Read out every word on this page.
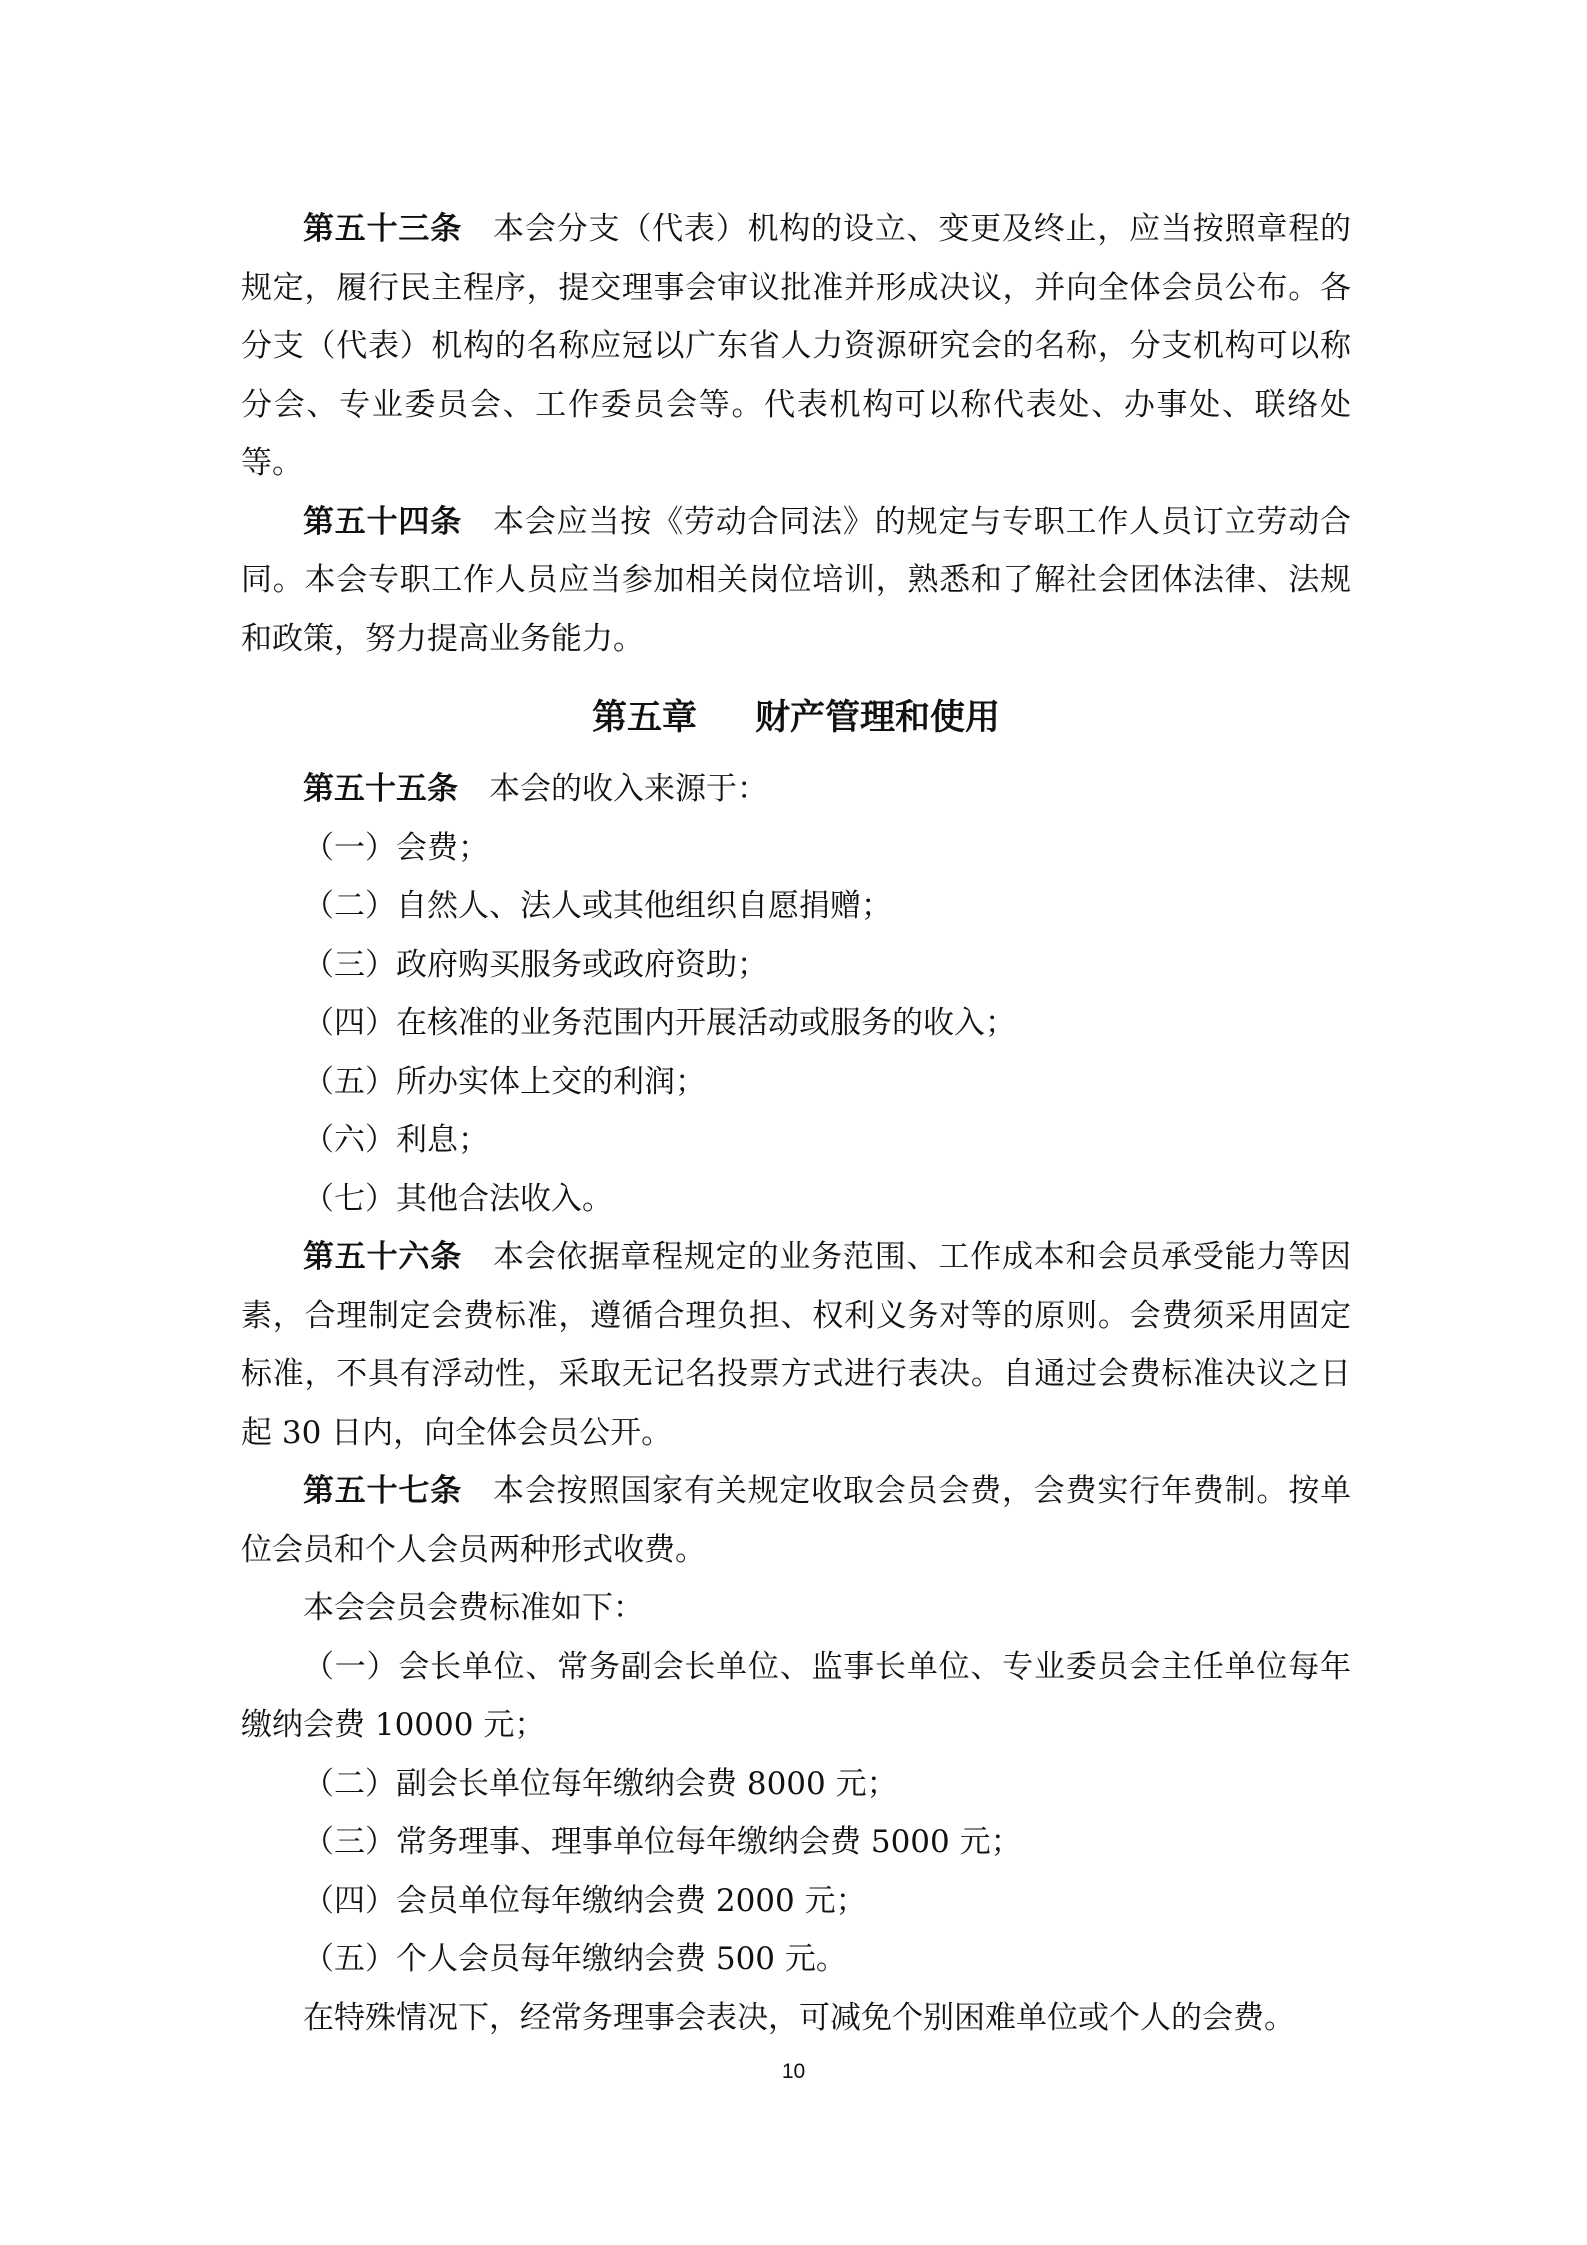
第五十三条 本会分支（代表）机构的设立、变更及终止，应当按照章程的规定，履行民主程序，提交理事会审议批准并形成决议，并向全体会员公布。各分支（代表）机构的名称应冠以广东省人力资源研究会的名称，分支机构可以称分会、专业委员会、工作委员会等。代表机构可以称代表处、办事处、联络处等。

第五十四条 本会应当按《劳动合同法》的规定与专职工作人员订立劳动合同。本会专职工作人员应当参加相关岗位培训，熟悉和了解社会团体法律、法规和政策，努力提高业务能力。

第五章 财产管理和使用

第五十五条 本会的收入来源于：

（一）会费；

（二）自然人、法人或其他组织自愿捐赠；

（三）政府购买服务或政府资助；

（四）在核准的业务范围内开展活动或服务的收入；

（五）所办实体上交的利润；

（六）利息；

（七）其他合法收入。

第五十六条 本会依据章程规定的业务范围、工作成本和会员承受能力等因素，合理制定会费标准，遵循合理负担、权利义务对等的原则。会费须采用固定标准，不具有浮动性，采取无记名投票方式进行表决。自通过会费标准决议之日起 30 日内，向全体会员公开。

第五十七条 本会按照国家有关规定收取会员会费，会费实行年费制。按单位会员和个人会员两种形式收费。

本会会员会费标准如下：

（一）会长单位、常务副会长单位、监事长单位、专业委员会主任单位每年缴纳会费 10000 元；

（二）副会长单位每年缴纳会费 8000 元；

（三）常务理事、理事单位每年缴纳会费 5000 元；

（四）会员单位每年缴纳会费 2000 元；

（五）个人会员每年缴纳会费 500 元。

在特殊情况下，经常务理事会表决，可减免个别困难单位或个人的会费。

10
